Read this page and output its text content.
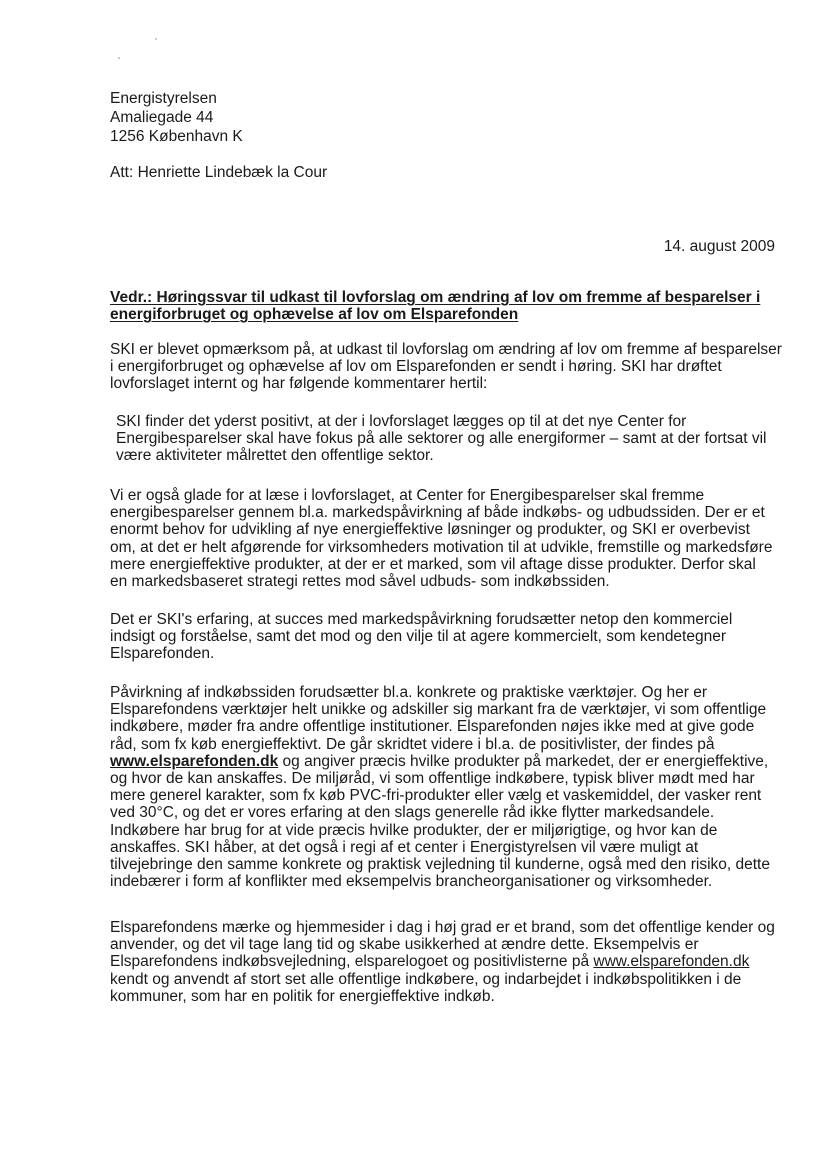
Energistyrelsen
Amaliegade 44
1256 København K
Att: Henriette Lindebæk la Cour
14. august 2009
Vedr.: Høringssvar til udkast til lovforslag om ændring af lov om fremme af besparelser i
energiforbruget og ophævelse af lov om Elsparefonden

SKI er blevet opmærksom på, at udkast til lovforslag om ændring af lov om fremme af besparelser
i energiforbruget og ophævelse af lov om Elsparefonden er sendt i høring. SKI har drøftet
lovforslaget internt og har følgende kommentarer hertil:

SKI finder det yderst positivt, at der i lovforslaget lægges op til at det nye Center for
Energibesparelser skal have fokus på alle sektorer og alle energiformer – samt at der fortsat vil
være aktiviteter målrettet den offentlige sektor.

Vi er også glade for at læse i lovforslaget, at Center for Energibesparelser skal fremme
energibesparelser gennem bl.a. markedspåvirkning af både indkøbs- og udbudssiden. Der er et
enormt behov for udvikling af nye energieffektive løsninger og produkter, og SKI er overbevist
om, at det er helt afgørende for virksomheders motivation til at udvikle, fremstille og markedsføre
mere energieffektive produkter, at der er et marked, som vil aftage disse produkter. Derfor skal
en markedsbaseret strategi rettes mod såvel udbuds- som indkøbssiden.

Det er SKI's erfaring, at succes med markedspåvirkning forudsætter netop den kommerciel
indsigt og forståelse, samt det mod og den vilje til at agere kommercielt, som kendetegner
Elsparefonden.

Påvirkning af indkøbssiden forudsætter bl.a. konkrete og praktiske værktøjer. Og her er
Elsparefondens værktøjer helt unikke og adskiller sig markant fra de værktøjer, vi som offentlige
indkøbere, møder fra andre offentlige institutioner. Elsparefonden nøjes ikke med at give gode
råd, som fx køb energieffektivt. De går skridtet videre i bl.a. de positivlister, der findes på
www.elsparefonden.dk og angiver præcis hvilke produkter på markedet, der er energieffektive,
og hvor de kan anskaffes. De miljøråd, vi som offentlige indkøbere, typisk bliver mødt med har
mere generel karakter, som fx køb PVC-fri-produkter eller vælg et vaskemiddel, der vasker rent
ved 30°C, og det er vores erfaring at den slags generelle råd ikke flytter markedsandele.
Indkøbere har brug for at vide præcis hvilke produkter, der er miljørigtige, og hvor kan de
anskaffes. SKI håber, at det også i regi af et center i Energistyrelsen vil være muligt at
tilvejebringe den samme konkrete og praktisk vejledning til kunderne, også med den risiko, dette
indebærer i form af konflikter med eksempelvis brancheorganisationer og virksomheder.

Elsparefondens mærke og hjemmesider i dag i høj grad er et brand, som det offentlige kender og
anvender, og det vil tage lang tid og skabe usikkerhed at ændre dette. Eksempelvis er
Elsparefondens indkøbsvejledning, elsparelogoet og positivlisterne på www.elsparefonden.dk
kendt og anvendt af stort set alle offentlige indkøbere, og indarbejdet i indkøbspolitikken i de
kommuner, som har en politik for energieffektive indkøb.
